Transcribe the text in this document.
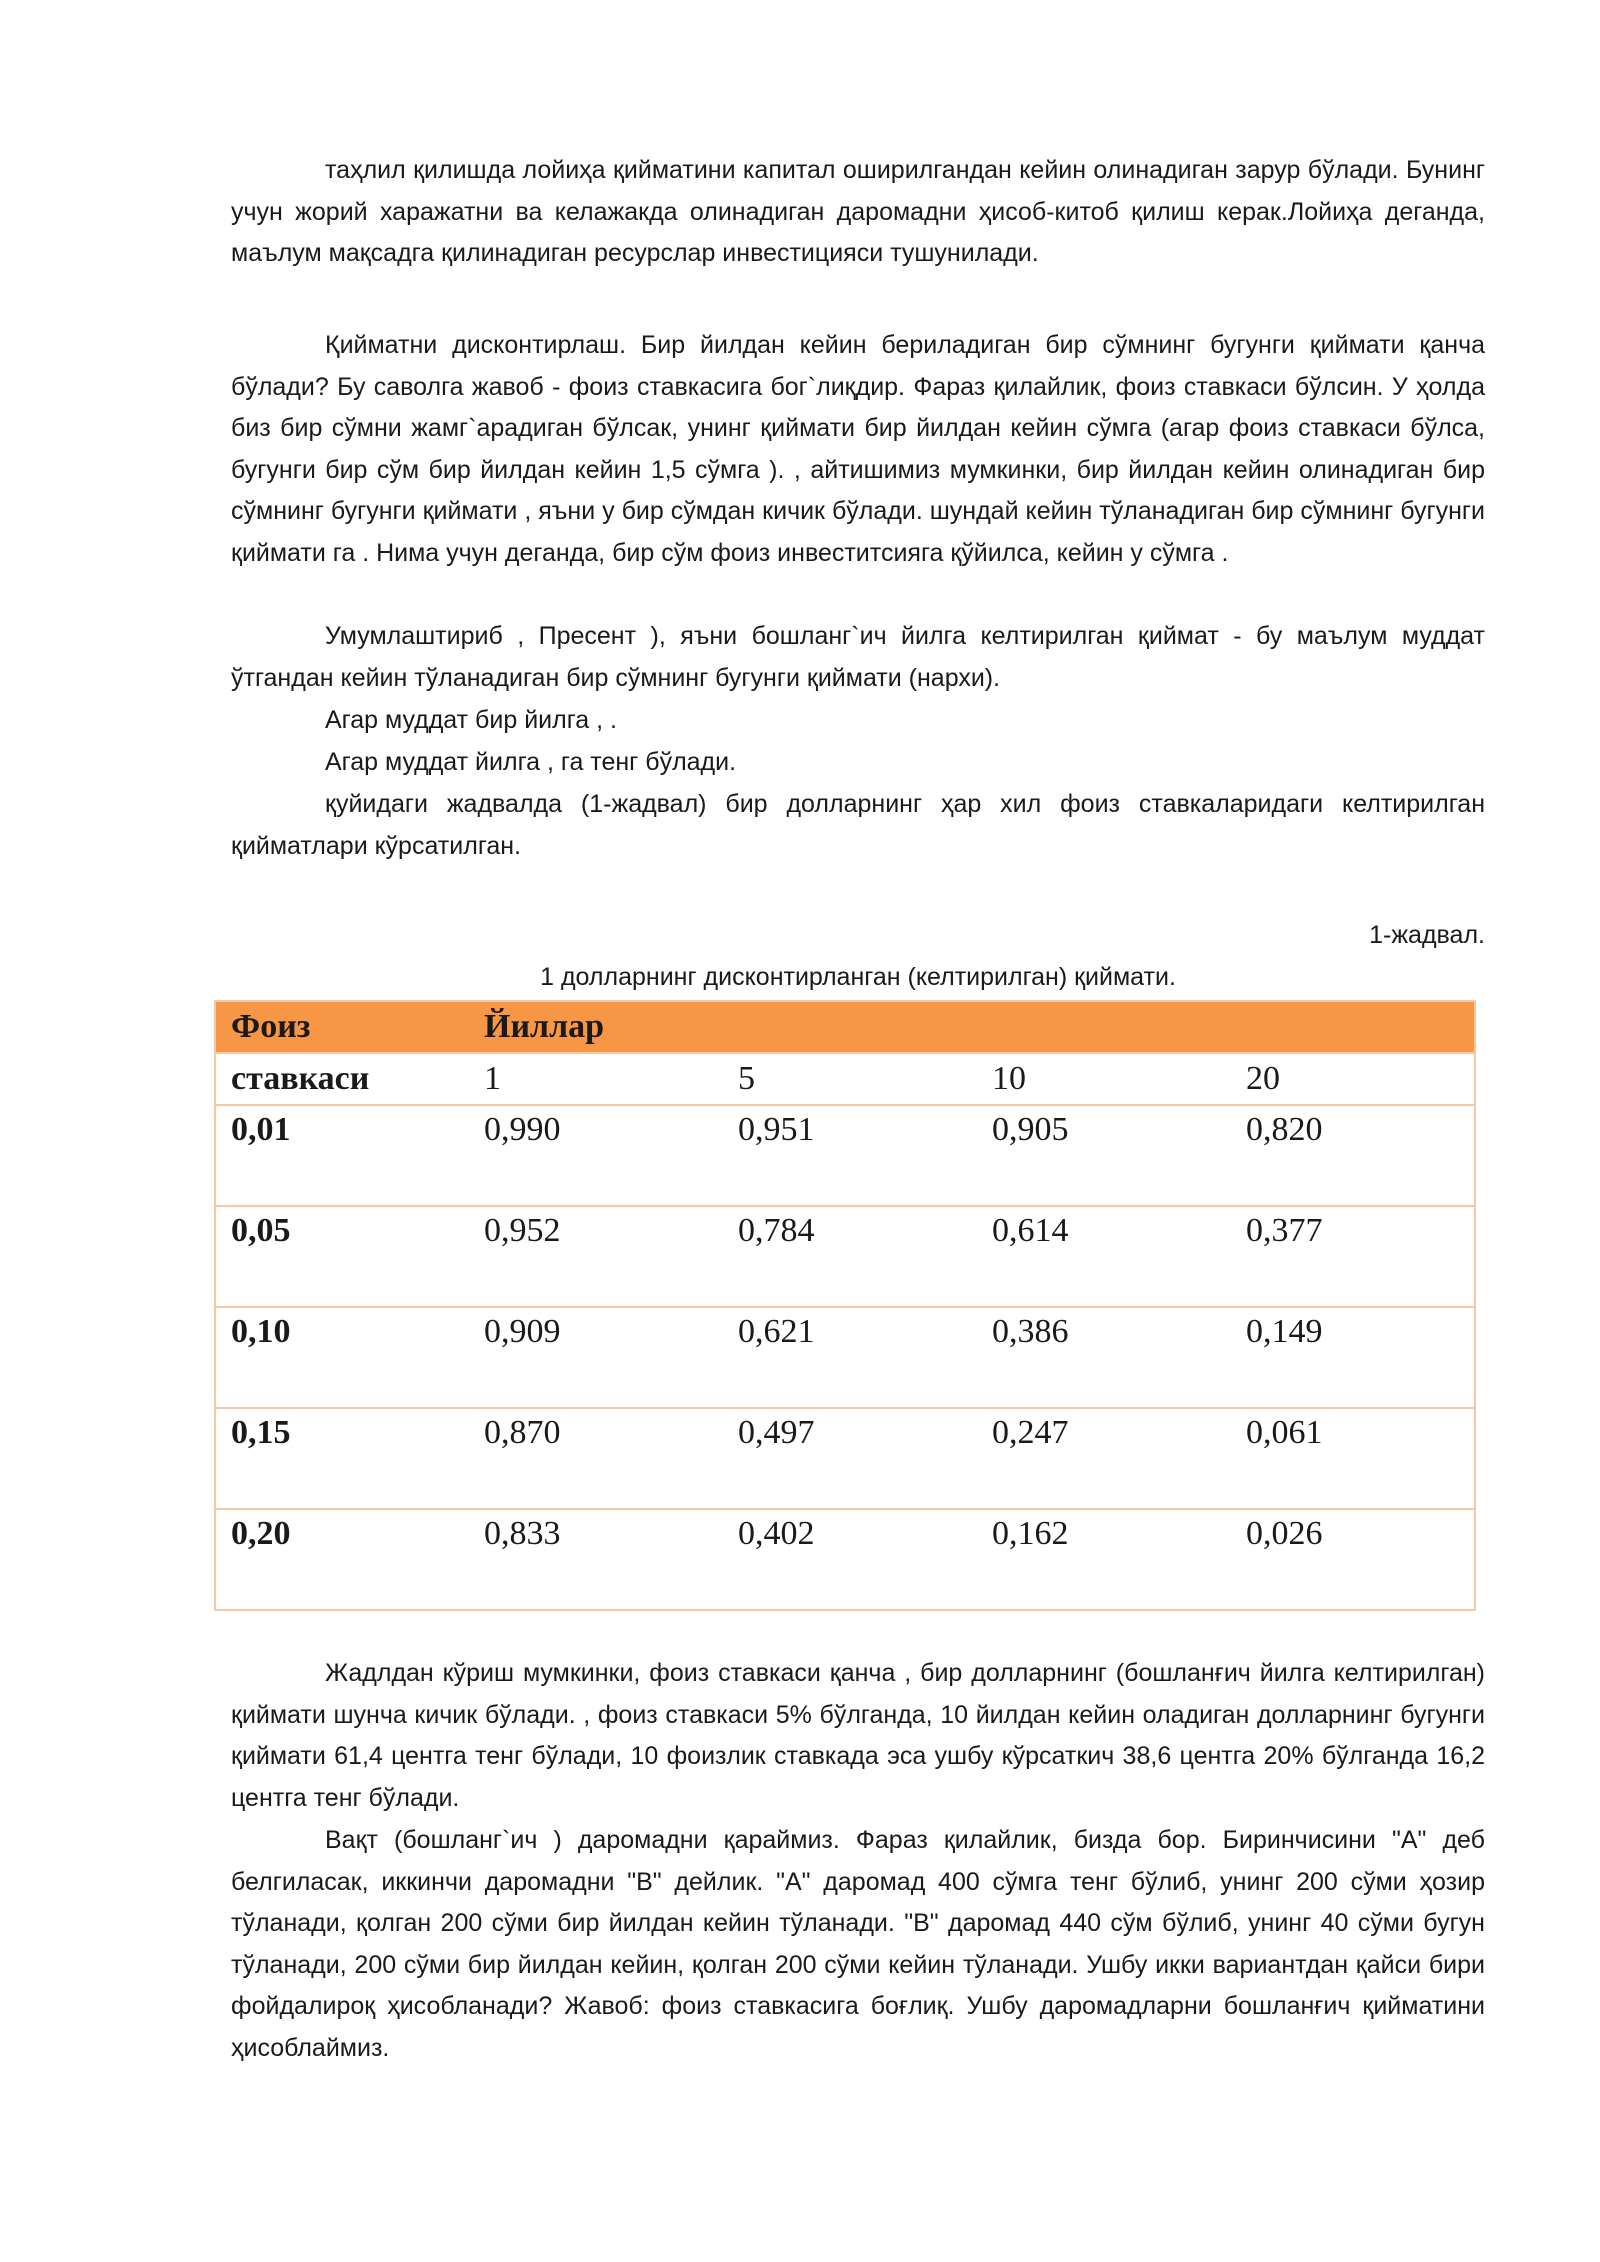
таҳлил қилишда лойиҳа қийматини капитал оширилгандан кейин олинадиган зарур бўлади. Бунинг учун жорий харажатни ва келажакда олинадиган даромадни ҳисоб-китоб қилиш керак.Лойиҳа деганда, маълум мақсадга қилинадиган ресурслар инвестицияси тушунилади.

Қийматни дисконтирлаш. Бир йилдан кейин бериладиган бир сўмнинг бугунги қиймати қанча бўлади? Бу саволга жавоб - фоиз ставкасига бог`лиқдир. Фараз қилайлик, фоиз ставкаси бўлсин. У ҳолда биз бир сўмни жамг`арадиган бўлсак, унинг қиймати бир йилдан кейин сўмга (агар фоиз ставкаси бўлса, бугунги бир сўм бир йилдан кейин 1,5 сўмга ). , айтишимиз мумкинки, бир йилдан кейин олинадиган бир сўмнинг бугунги қиймати , яъни у бир сўмдан кичик бўлади. шундай кейин тўланадиган бир сўмнинг бугунги қиймати га . Нима учун деганда, бир сўм фоиз инвеститсияга қўйилса, кейин у сўмга .

Умумлаштириб , Пресент ), яъни бошланг`ич йилга келтирилган қиймат - бу маълум муддат ўтгандан кейин тўланадиган бир сўмнинг бугунги қиймати (нархи).

Агар муддат бир йилга , .

Агар муддат йилга , га тенг бўлади.

қуйидаги жадвалда (1-жадвал) бир долларнинг ҳар хил фоиз ставкаларидаги келтирилган қийматлари кўрсатилган.

1-жадвал.

1 долларнинг дисконтирланган (келтирилган) қиймати.

Фоиз	Йиллар			
ставкаси	1	5	10	20
0,01	0,990	0,951	0,905	0,820
0,05	0,952	0,784	0,614	0,377
0,10	0,909	0,621	0,386	0,149
0,15	0,870	0,497	0,247	0,061
0,20	0,833	0,402	0,162	0,026

Жадлдан кўриш мумкинки, фоиз ставкаси қанча , бир долларнинг (бошланғич йилга келтирилган) қиймати шунча кичик бўлади. , фоиз ставкаси 5% бўлганда, 10 йилдан кейин оладиган долларнинг бугунги қиймати 61,4 центга тенг бўлади, 10 фоизлик ставкада эса ушбу кўрсаткич 38,6 центга 20% бўлганда 16,2 центга тенг бўлади.

Вақт (бошланг`ич ) даромадни қараймиз. Фараз қилайлик, бизда бор. Биринчисини "А" деб белгиласак, иккинчи даромадни "В" дейлик. "А" даромад 400 сўмга тенг бўлиб, унинг 200 сўми ҳозир тўланади, қолган 200 сўми бир йилдан кейин тўланади. "В" даромад 440 сўм бўлиб, унинг 40 сўми бугун тўланади, 200 сўми бир йилдан кейин, қолган 200 сўми кейин тўланади. Ушбу икки вариантдан қайси бири фойдалироқ ҳисобланади? Жавоб: фоиз ставкасига боғлиқ. Ушбу даромадларни бошланғич қийматини ҳисоблаймиз.
